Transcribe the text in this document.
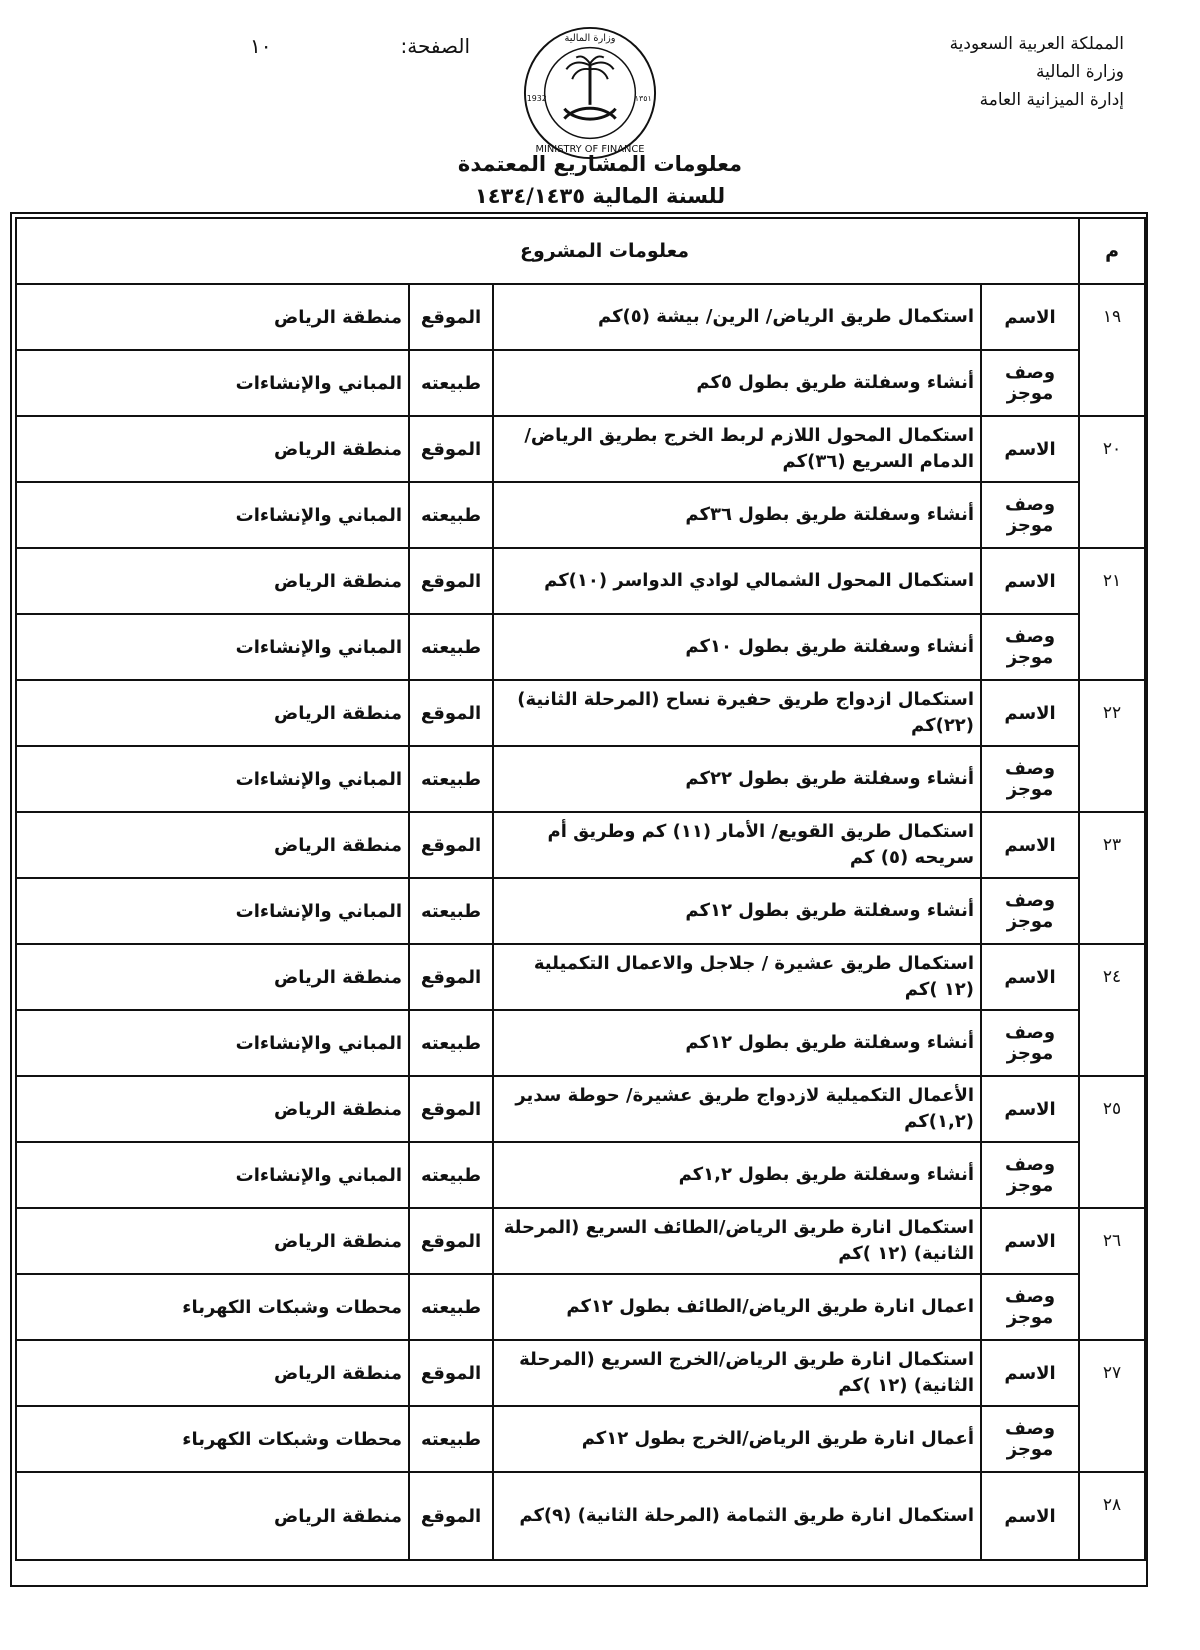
المملكة العربية السعودية
وزارة المالية
إدارة الميزانية العامة
الصفحة:
١٠
MINISTRY OF FINANCE
وزارة المالية
1932	١٣٥١
معلومات المشاريع المعتمدة
للسنة المالية ١٤٣٤/١٤٣٥
م	معلومات المشروع			
١٩	الاسم	استكمال طريق الرياض/ الرين/ بيشة (٥)كم	الموقع	منطقة الرياض
	وصف موجز	أنشاء وسفلتة طريق بطول ٥كم	طبيعته	المباني والإنشاءات
٢٠	الاسم	استكمال المحول اللازم لربط الخرج بطريق الرياض/ الدمام السريع (٣٦)كم	الموقع	منطقة الرياض
	وصف موجز	أنشاء وسفلتة طريق بطول ٣٦كم	طبيعته	المباني والإنشاءات
٢١	الاسم	استكمال المحول الشمالي لوادي الدواسر (١٠)كم	الموقع	منطقة الرياض
	وصف موجز	أنشاء وسفلتة طريق بطول ١٠كم	طبيعته	المباني والإنشاءات
٢٢	الاسم	استكمال ازدواج طريق حفيرة نساح (المرحلة الثانية) (٢٢)كم	الموقع	منطقة الرياض
	وصف موجز	أنشاء وسفلتة طريق بطول ٢٢كم	طبيعته	المباني والإنشاءات
٢٣	الاسم	استكمال طريق القويع/ الأمار (١١) كم وطريق أم سريحه (٥) كم	الموقع	منطقة الرياض
	وصف موجز	أنشاء وسفلتة طريق بطول ١٢كم	طبيعته	المباني والإنشاءات
٢٤	الاسم	استكمال طريق عشيرة / جلاجل والاعمال التكميلية (١٢ )كم	الموقع	منطقة الرياض
	وصف موجز	أنشاء وسفلتة طريق بطول ١٢كم	طبيعته	المباني والإنشاءات
٢٥	الاسم	الأعمال التكميلية لازدواج طريق عشيرة/ حوطة سدير (١,٢)كم	الموقع	منطقة الرياض
	وصف موجز	أنشاء وسفلتة طريق بطول ١,٢كم	طبيعته	المباني والإنشاءات
٢٦	الاسم	استكمال انارة طريق الرياض/الطائف السريع (المرحلة الثانية) (١٢ )كم	الموقع	منطقة الرياض
	وصف موجز	اعمال انارة طريق الرياض/الطائف بطول ١٢كم	طبيعته	محطات وشبكات الكهرباء
٢٧	الاسم	استكمال انارة طريق الرياض/الخرج السريع (المرحلة الثانية) (١٢ )كم	الموقع	منطقة الرياض
	وصف موجز	أعمال انارة طريق الرياض/الخرج بطول ١٢كم	طبيعته	محطات وشبكات الكهرباء
٢٨	الاسم	استكمال انارة طريق الثمامة (المرحلة الثانية) (٩)كم	الموقع	منطقة الرياض
